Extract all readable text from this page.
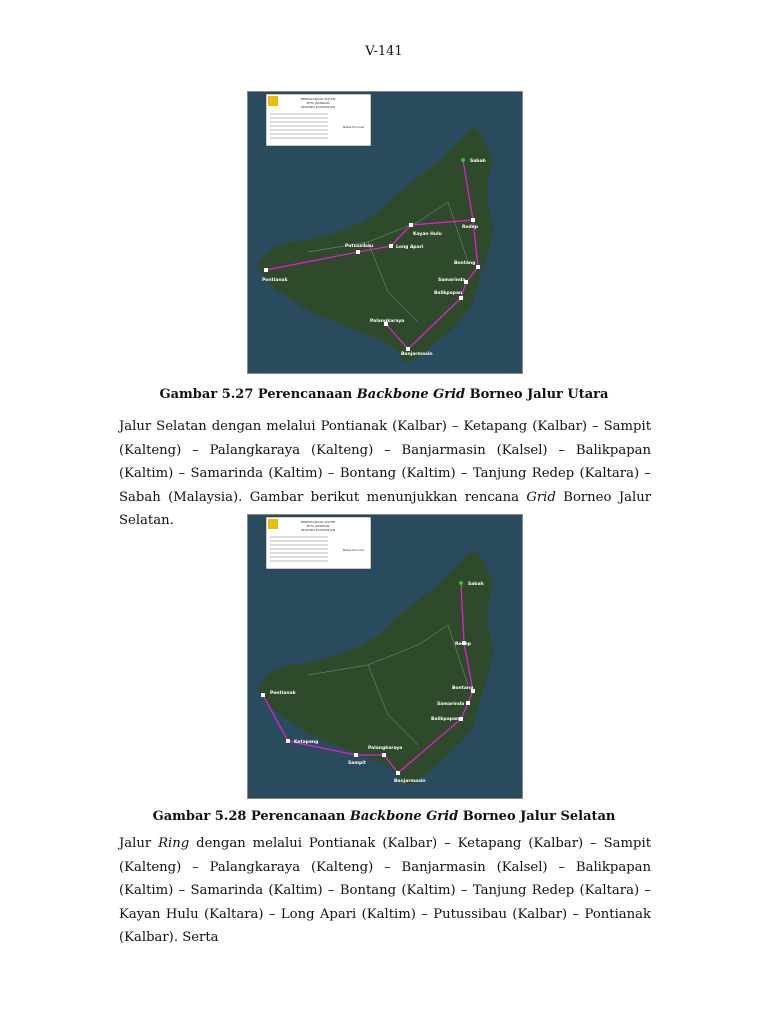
V-141
PERENCANAAN SISTEM
PETA JARINGAN
PROPINSI KALIMANTAN
Batas Provinsi
Sabah
Redep
Kayan Hulu
Long Apari
Putussibau
Pontianak
Bontang
Samarinda
Balikpapan
Palangkaraya
Banjarmasin
Gambar 5.27 Perencanaan Backbone Grid Borneo Jalur Utara
Jalur Selatan dengan melalui Pontianak (Kalbar) – Ketapang (Kalbar) – Sampit (Kalteng) – Palangkaraya (Kalteng) – Banjarmasin (Kalsel) – Balikpapan (Kaltim) – Samarinda (Kaltim) – Bontang (Kaltim) – Tanjung Redep (Kaltara) – Sabah (Malaysia). Gambar berikut menunjukkan rencana Grid Borneo Jalur Selatan.	PERENCANAAN SISTEM
PETA JARINGAN
PROPINSI KALIMANTAN
Batas Provinsi
Sabah
Redep
Pontianak
Bontang
Samarinda
Balikpapan
Ketapang
Palangkaraya
Sampit
Banjarmasin
Gambar 5.28 Perencanaan Backbone Grid Borneo Jalur Selatan
Jalur Ring dengan melalui Pontianak (Kalbar) – Ketapang (Kalbar) – Sampit (Kalteng) – Palangkaraya (Kalteng) – Banjarmasin (Kalsel) – Balikpapan (Kaltim) – Samarinda (Kaltim) – Bontang (Kaltim) – Tanjung Redep (Kaltara) – Kayan Hulu (Kaltara) – Long Apari (Kaltim) – Putussibau (Kalbar) – Pontianak (Kalbar). Serta
